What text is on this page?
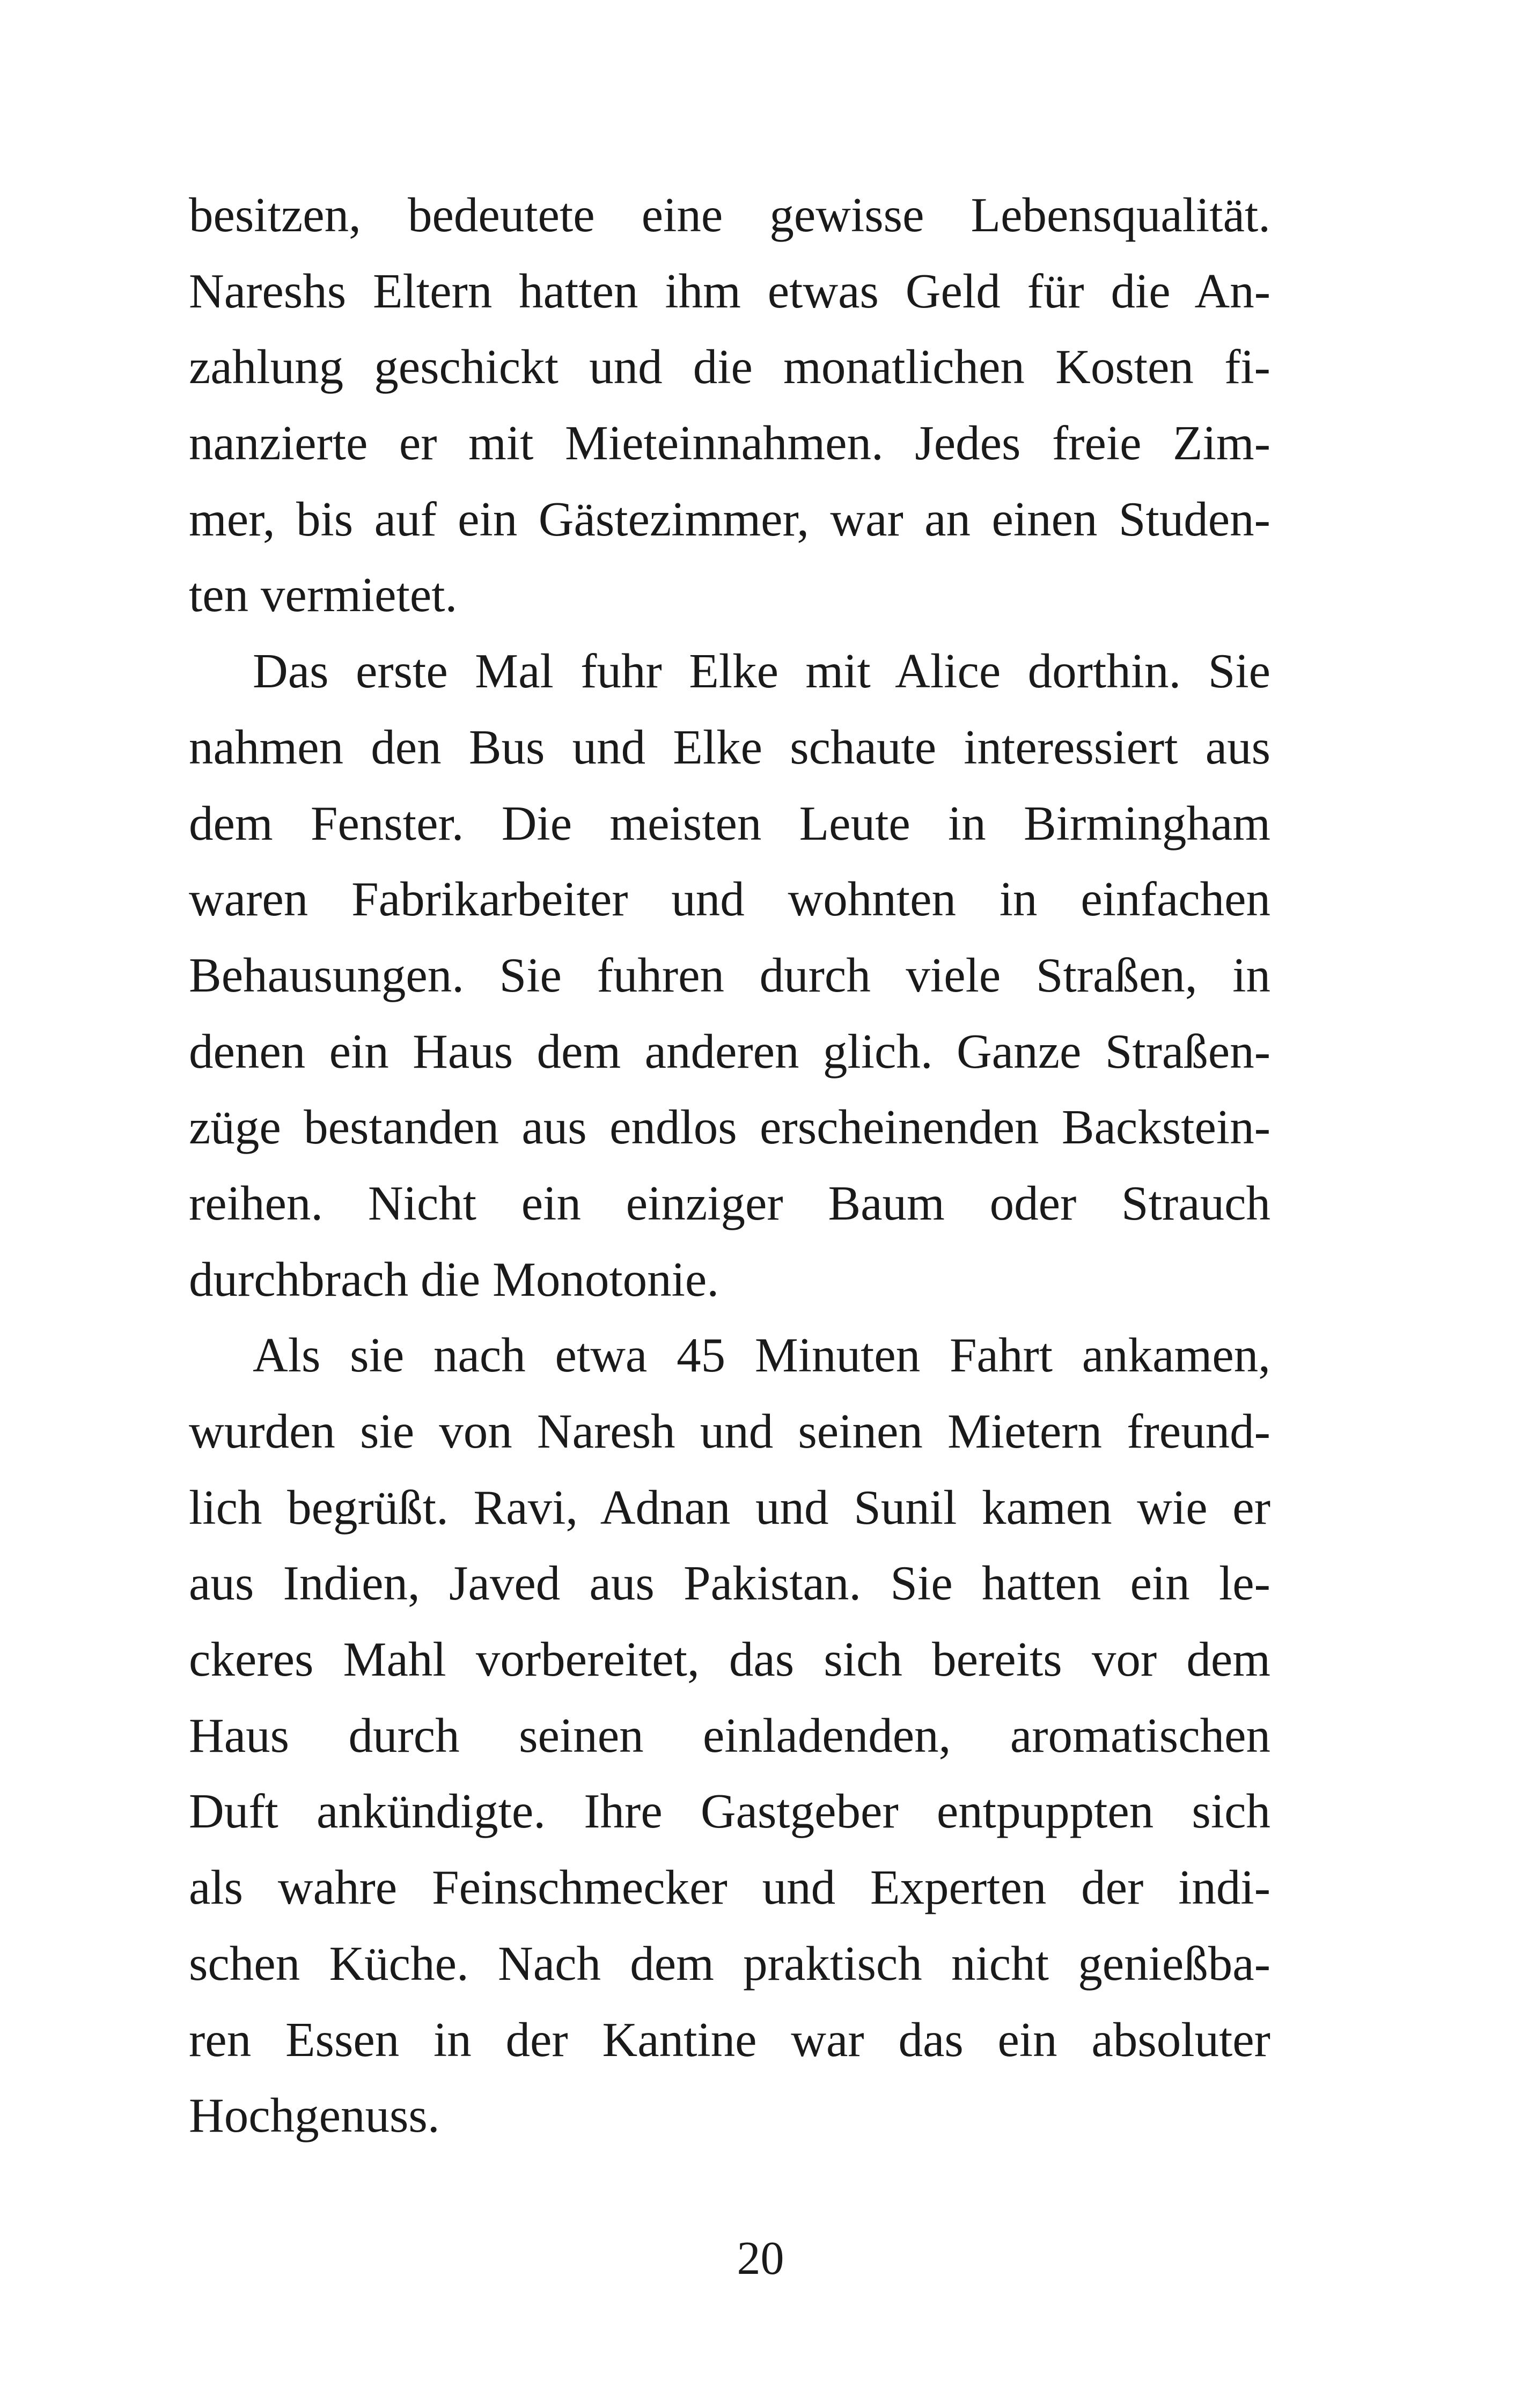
besitzen, bedeutete eine gewisse Lebensqualität.
Nareshs Eltern hatten ihm etwas Geld für die An-
zahlung geschickt und die monatlichen Kosten fi-
nanzierte er mit Mieteinnahmen. Jedes freie Zim-
mer, bis auf ein Gästezimmer, war an einen Studen-
ten vermietet.
Das erste Mal fuhr Elke mit Alice dorthin. Sie
nahmen den Bus und Elke schaute interessiert aus
dem Fenster. Die meisten Leute in Birmingham
waren Fabrikarbeiter und wohnten in einfachen
Behausungen. Sie fuhren durch viele Straßen, in
denen ein Haus dem anderen glich. Ganze Straßen-
züge bestanden aus endlos erscheinenden Backstein-
reihen. Nicht ein einziger Baum oder Strauch
durchbrach die Monotonie.
Als sie nach etwa 45 Minuten Fahrt ankamen,
wurden sie von Naresh und seinen Mietern freund-
lich begrüßt. Ravi, Adnan und Sunil kamen wie er
aus Indien, Javed aus Pakistan. Sie hatten ein le-
ckeres Mahl vorbereitet, das sich bereits vor dem
Haus durch seinen einladenden, aromatischen
Duft ankündigte. Ihre Gastgeber entpuppten sich
als wahre Feinschmecker und Experten der indi-
schen Küche. Nach dem praktisch nicht genießba-
ren Essen in der Kantine war das ein absoluter
Hochgenuss.
20
